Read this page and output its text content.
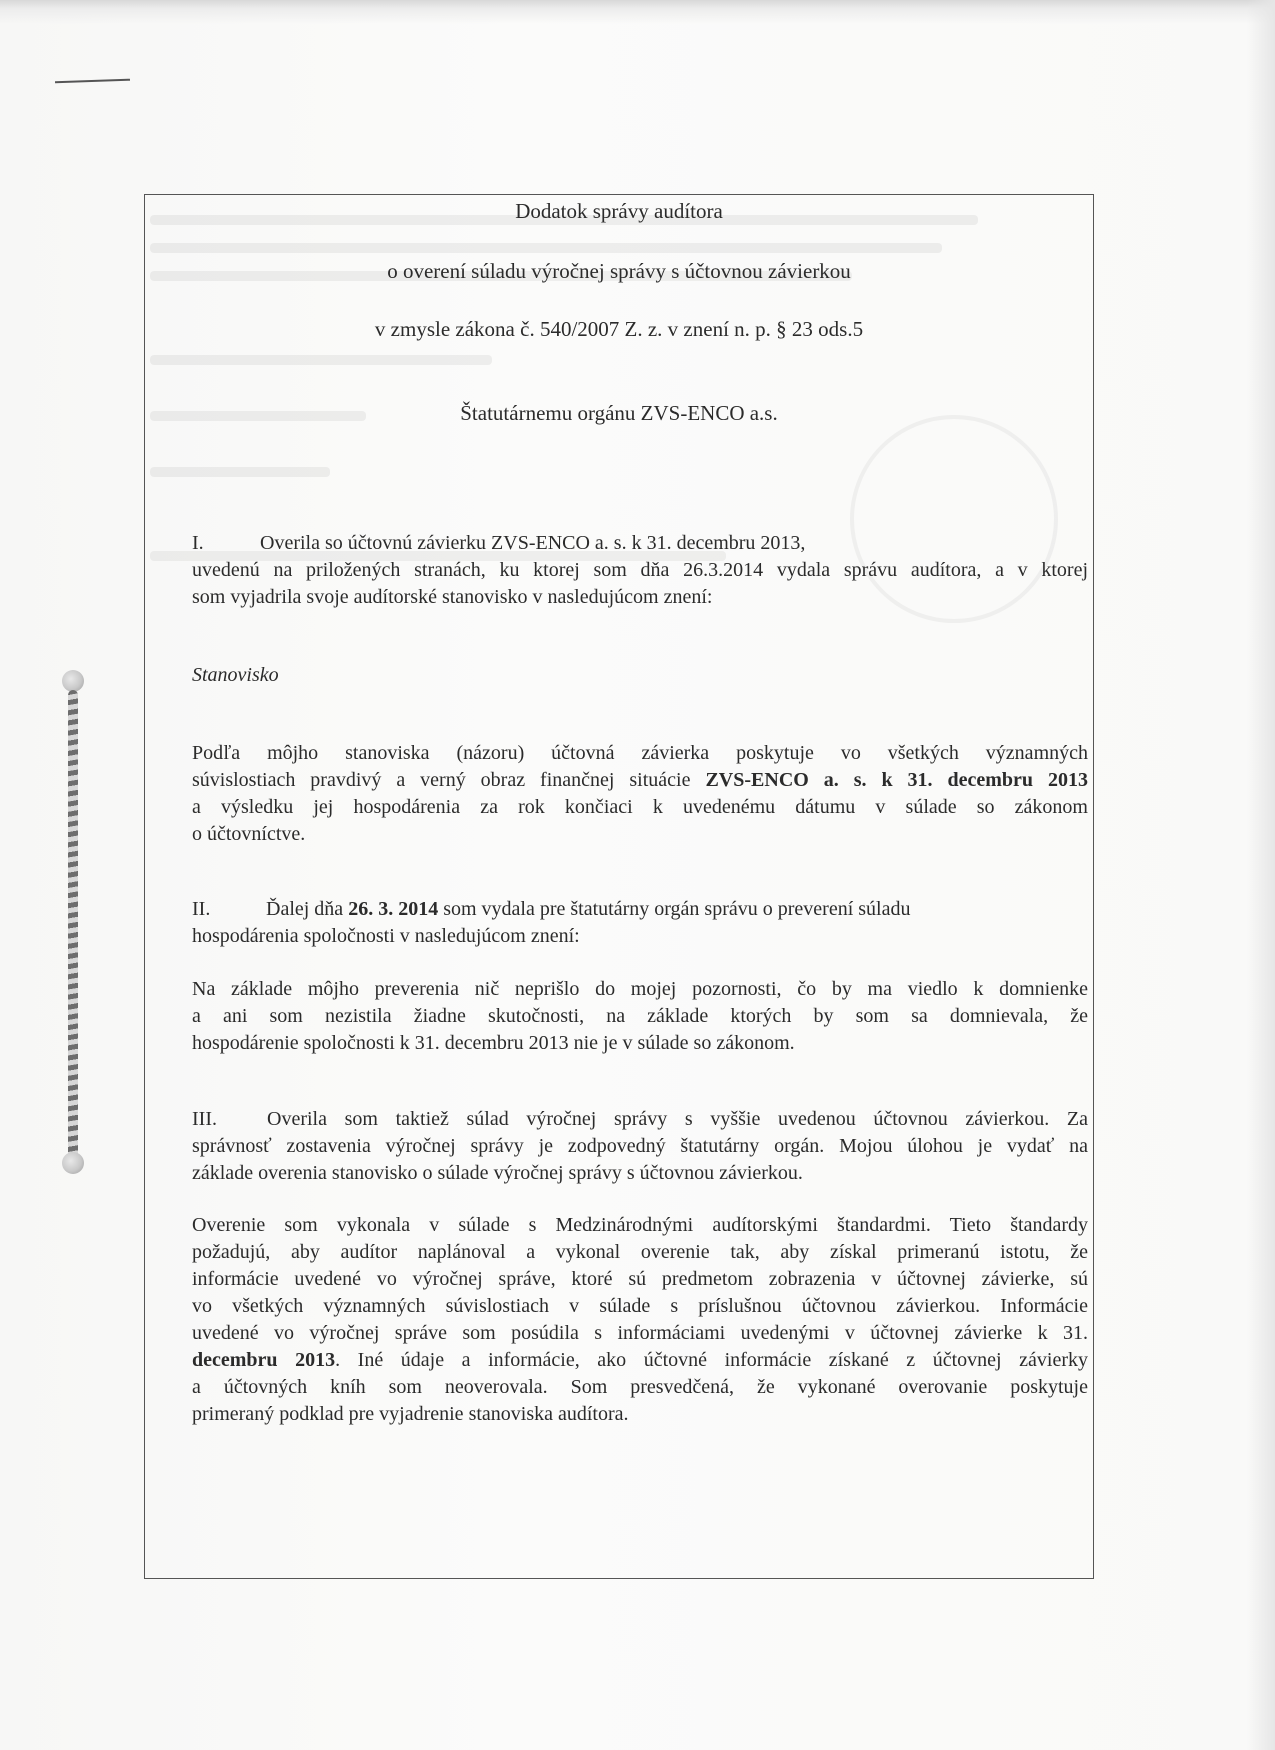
Dodatok správy audítora
o overení súladu výročnej správy s účtovnou závierkou
v zmysle zákona č. 540/2007 Z. z. v znení n. p. § 23 ods.5
Štatutárnemu orgánu ZVS-ENCO a.s.
I.	Overila so účtovnú závierku ZVS-ENCO a. s. k 31. decembru 2013,
uvedenú na priložených stranách, ku ktorej som dňa 26.3.2014 vydala správu audítora, a v ktorej
som vyjadrila svoje audítorské stanovisko v nasledujúcom znení:
Stanovisko
Podľa môjho stanoviska (názoru) účtovná závierka poskytuje vo všetkých významných
súvislostiach pravdivý a verný obraz finančnej situácie ZVS-ENCO a. s. k 31. decembru 2013
a výsledku jej hospodárenia za rok končiaci k uvedenému dátumu v súlade so zákonom
o účtovníctve.
II.	Ďalej dňa 26. 3. 2014 som vydala pre štatutárny orgán správu o preverení súladu
hospodárenia spoločnosti v nasledujúcom znení:
Na základe môjho preverenia nič neprišlo do mojej pozornosti, čo by ma viedlo k domnienke
a ani som nezistila žiadne skutočnosti, na základe ktorých by som sa domnievala, že
hospodárenie spoločnosti k 31. decembru 2013 nie je v súlade so zákonom.
III.	Overila som taktiež súlad výročnej správy s vyššie uvedenou účtovnou závierkou. Za
správnosť zostavenia výročnej správy je zodpovedný štatutárny orgán. Mojou úlohou je vydať na
základe overenia stanovisko o súlade výročnej správy s účtovnou závierkou.
Overenie som vykonala v súlade s Medzinárodnými audítorskými štandardmi. Tieto štandardy
požadujú, aby audítor naplánoval a vykonal overenie tak, aby získal primeranú istotu, že
informácie uvedené vo výročnej správe, ktoré sú predmetom zobrazenia v účtovnej závierke, sú
vo všetkých významných súvislostiach v súlade s príslušnou účtovnou závierkou. Informácie
uvedené vo výročnej správe som posúdila s informáciami uvedenými v účtovnej závierke k 31.
decembru 2013. Iné údaje a informácie, ako účtovné informácie získané z účtovnej závierky
a účtovných kníh som neoverovala. Som presvedčená, že vykonané overovanie poskytuje
primeraný podklad pre vyjadrenie stanoviska audítora.
